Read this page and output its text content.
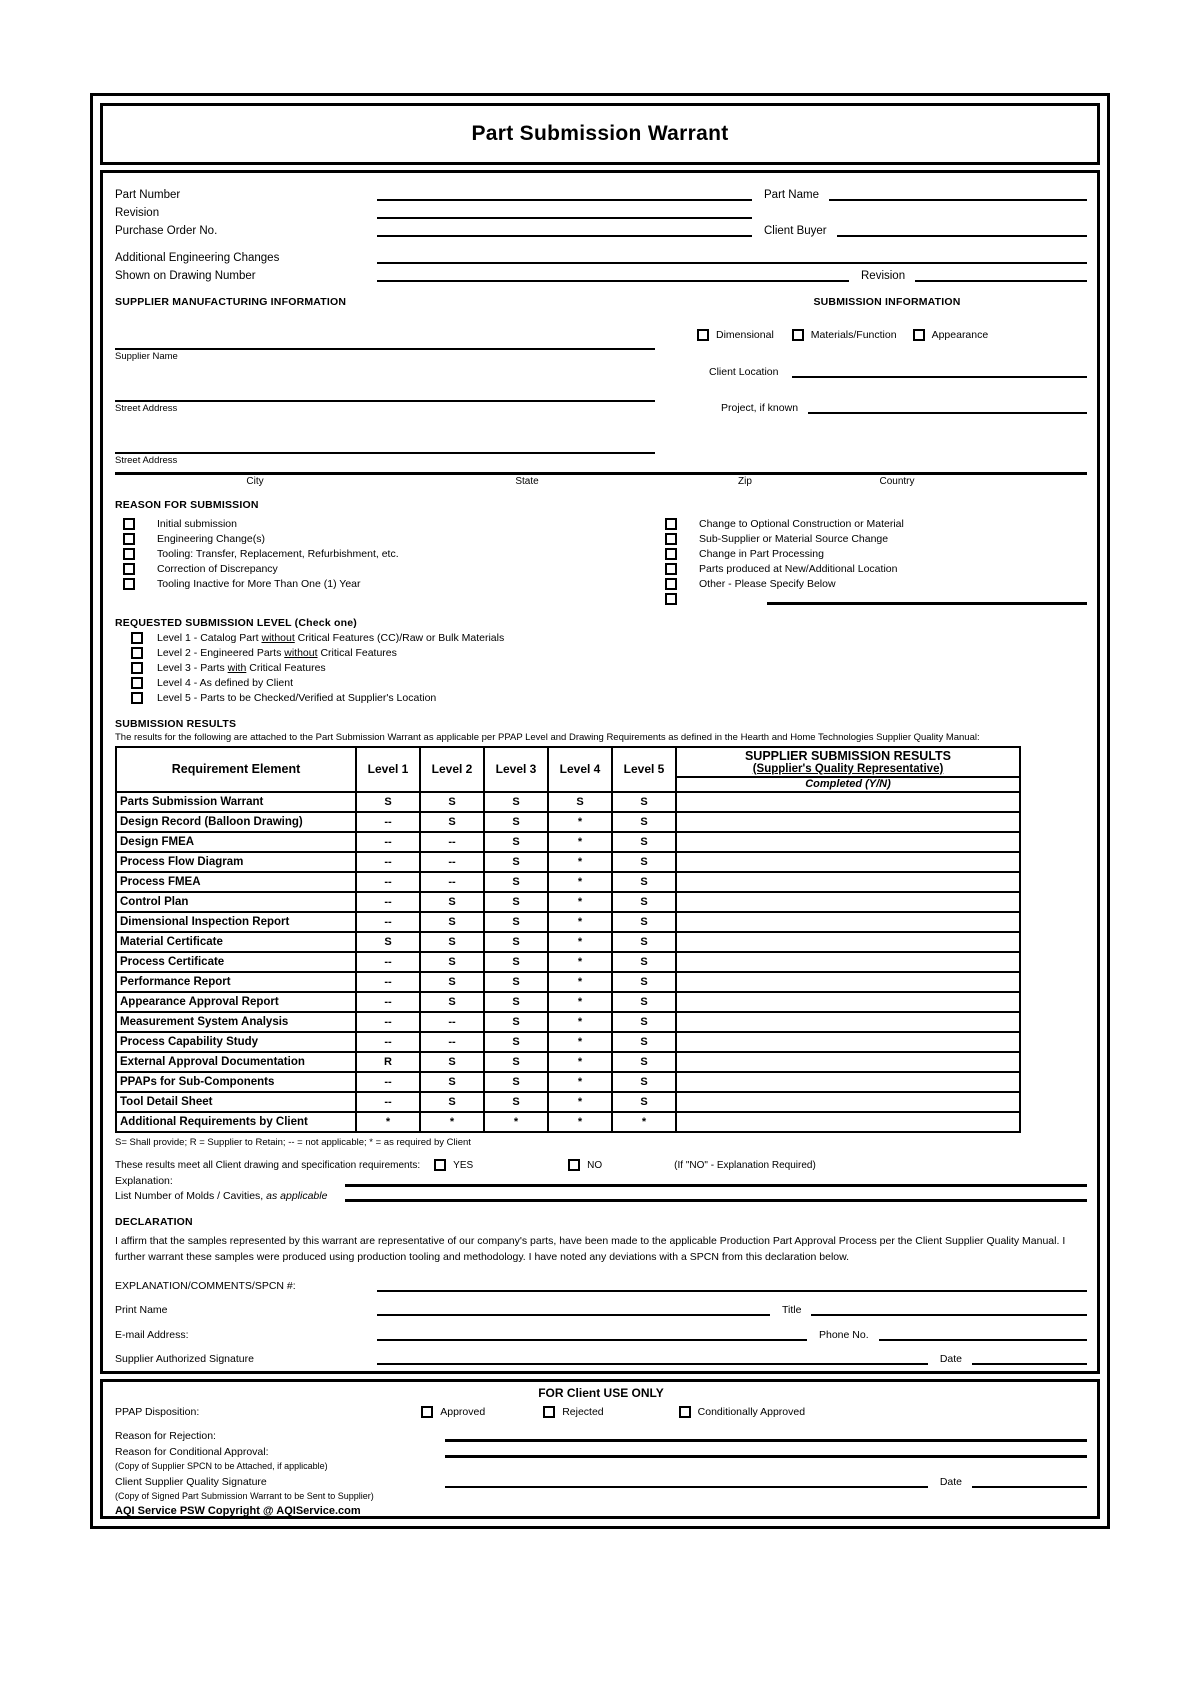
Part Submission Warrant
Part Number	Part Name
Revision
Purchase Order No.	Client Buyer
Additional Engineering Changes
Shown on Drawing Number	Revision
SUPPLIER MANUFACTURING INFORMATION
Supplier Name
Street Address
Street Address
SUBMISSION INFORMATION
Dimensional	Materials/Function	Appearance
Client Location
Project, if known
City	State	Zip	Country
REASON FOR SUBMISSION
Initial submission
Engineering Change(s)
Tooling: Transfer, Replacement, Refurbishment, etc.
Correction of Discrepancy
Tooling Inactive for More Than One (1) Year
Change to Optional Construction or Material
Sub-Supplier or Material Source Change
Change in Part Processing
Parts produced at New/Additional Location
Other - Please Specify Below
REQUESTED SUBMISSION LEVEL (Check one)
Level 1 - Catalog Part without Critical Features (CC)/Raw or Bulk Materials
Level 2 - Engineered Parts without Critical Features
Level 3 - Parts with Critical Features
Level 4 - As defined by Client
Level 5 - Parts to be Checked/Verified at Supplier's Location
SUBMISSION RESULTS
The results for the following are attached to the Part Submission Warrant as applicable per PPAP Level and Drawing Requirements as defined in the Hearth and Home Technologies Supplier Quality Manual:
Requirement Element	Level 1	Level 2	Level 3	Level 4	Level 5	SUPPLIER SUBMISSION RESULTS
(Supplier's Quality Representative)

						Completed (Y/N)
Parts Submission Warrant	S	S	S	S	S	
Design Record (Balloon Drawing)	--	S	S	*	S	
Design FMEA	--	--	S	*	S	
Process Flow Diagram	--	--	S	*	S	
Process FMEA	--	--	S	*	S	
Control Plan	--	S	S	*	S	
Dimensional Inspection Report	--	S	S	*	S	
Material Certificate	S	S	S	*	S	
Process Certificate	--	S	S	*	S	
Performance Report	--	S	S	*	S	
Appearance Approval Report	--	S	S	*	S	
Measurement System Analysis	--	--	S	*	S	
Process Capability Study	--	--	S	*	S	
External Approval Documentation	R	S	S	*	S	
PPAPs for Sub-Components	--	S	S	*	S	
Tool Detail Sheet	--	S	S	*	S	
Additional Requirements by Client	*	*	*	*	*	
S= Shall provide; R = Supplier to Retain; -- = not applicable; * = as required by Client
These results meet all Client drawing and specification requirements:	YES	NO	(If "NO" - Explanation Required)
Explanation:
List Number of Molds / Cavities, as applicable
DECLARATION
I affirm that the samples represented by this warrant are representative of our company's parts, have been made to the applicable Production Part Approval Process per the Client Supplier Quality Manual. I further warrant these samples were produced using production tooling and methodology. I have noted any deviations with a SPCN from this declaration below.
EXPLANATION/COMMENTS/SPCN #:
Print Name	Title
E-mail Address:	Phone No.
Supplier Authorized Signature	Date
FOR Client USE ONLY
PPAP Disposition:	Approved	Rejected	Conditionally Approved
Reason for Rejection:
Reason for Conditional Approval:
(Copy of Supplier SPCN to be Attached, if applicable)
Client Supplier Quality Signature	Date
(Copy of Signed Part Submission Warrant to be Sent to Supplier)
AQI Service PSW Copyright @ AQIService.com
